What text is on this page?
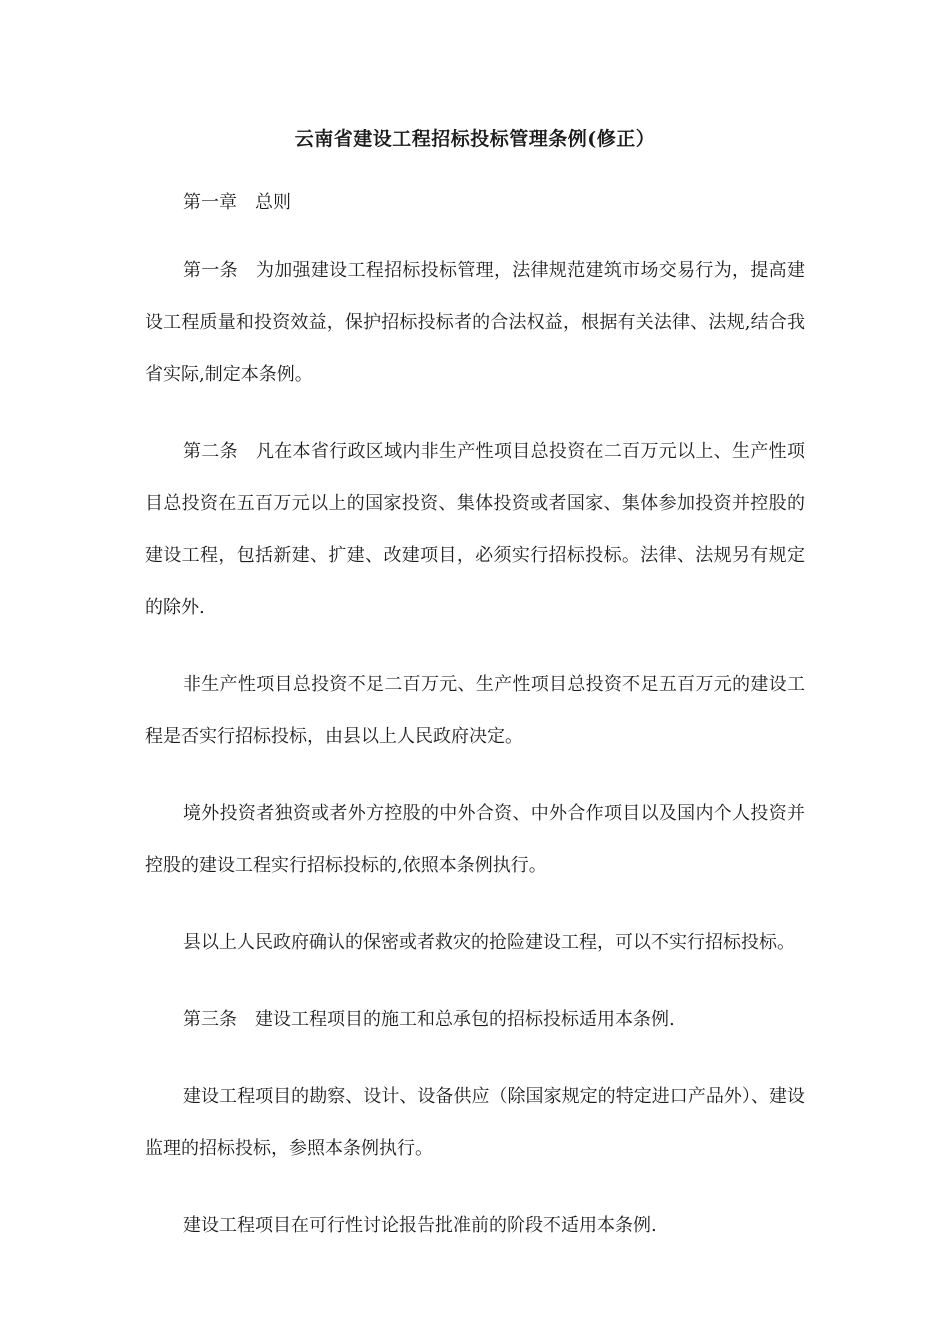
云南省建设工程招标投标管理条例(修正）
第一章 总则

第一条 为加强建设工程招标投标管理，法律规范建筑市场交易行为，提高建设工程质量和投资效益，保护招标投标者的合法权益，根据有关法律、法规,结合我省实际,制定本条例。

第二条 凡在本省行政区域内非生产性项目总投资在二百万元以上、生产性项目总投资在五百万元以上的国家投资、集体投资或者国家、集体参加投资并控股的建设工程，包括新建、扩建、改建项目，必须实行招标投标。法律、法规另有规定的除外.

非生产性项目总投资不足二百万元、生产性项目总投资不足五百万元的建设工程是否实行招标投标，由县以上人民政府决定。

境外投资者独资或者外方控股的中外合资、中外合作项目以及国内个人投资并控股的建设工程实行招标投标的,依照本条例执行。

县以上人民政府确认的保密或者救灾的抢险建设工程，可以不实行招标投标。

第三条 建设工程项目的施工和总承包的招标投标适用本条例.

建设工程项目的勘察、设计、设备供应（除国家规定的特定进口产品外）、建设监理的招标投标，参照本条例执行。

建设工程项目在可行性讨论报告批准前的阶段不适用本条例.
